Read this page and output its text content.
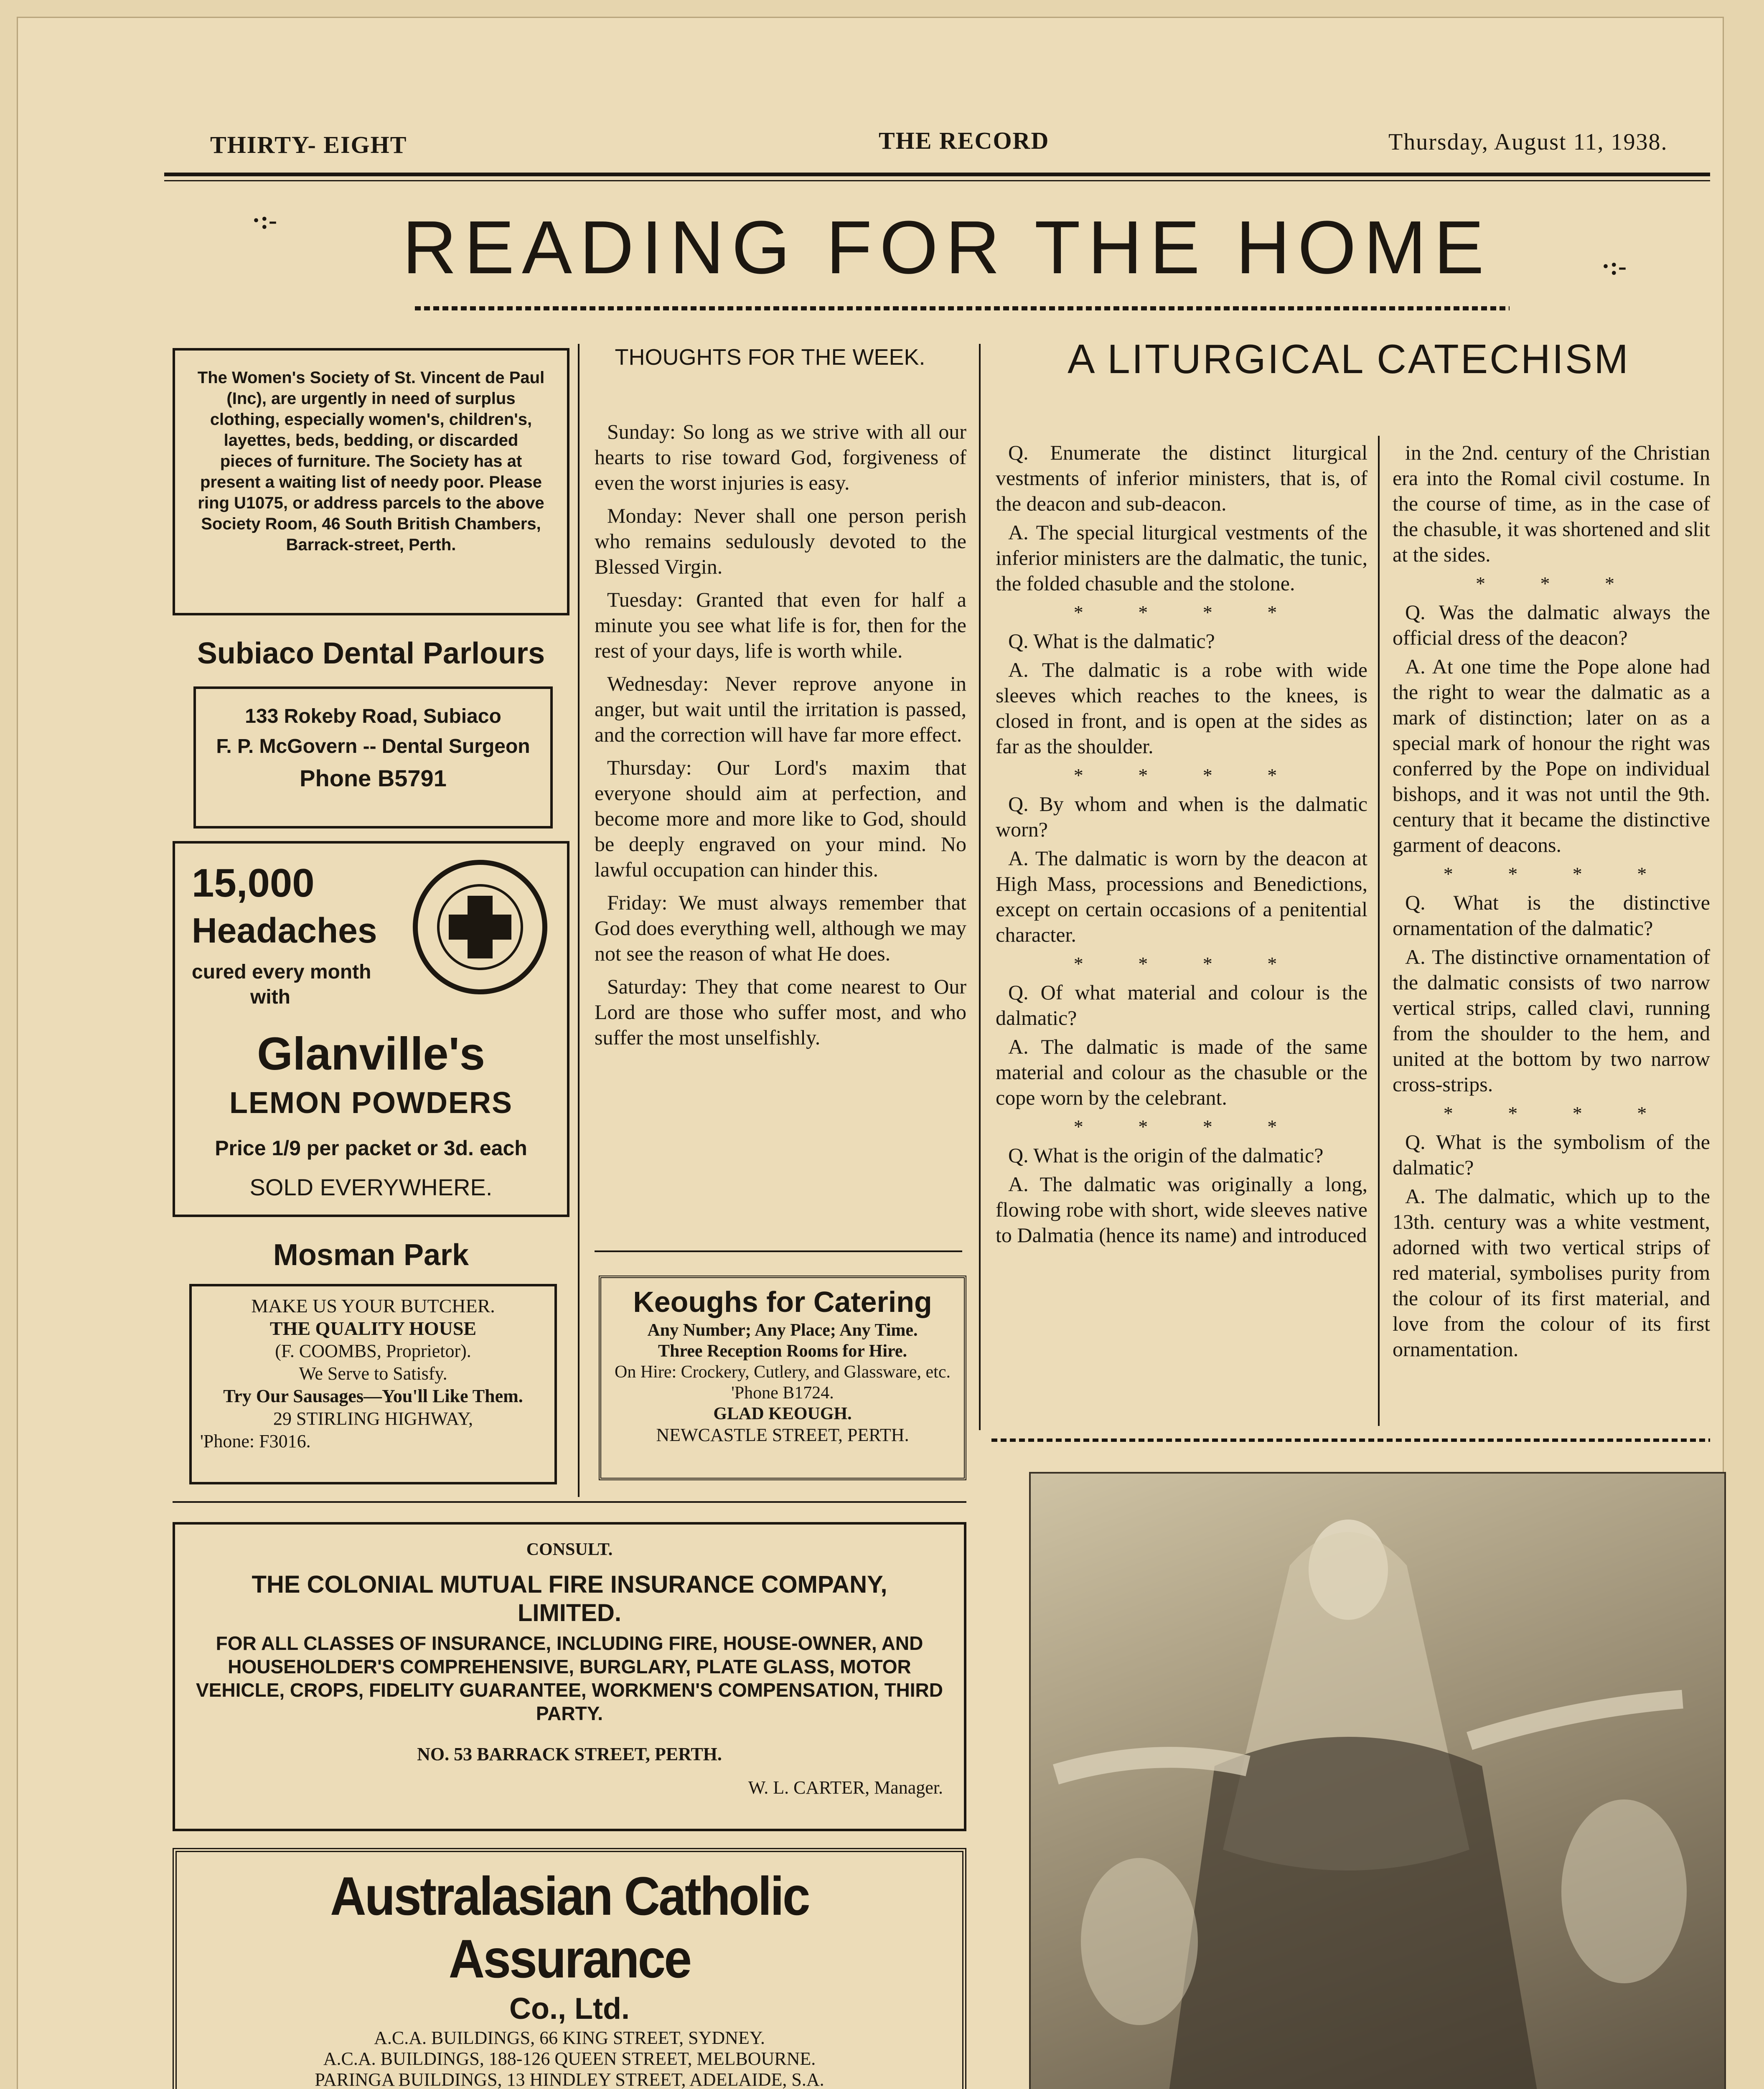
THIRTY- EIGHT	THE RECORD	Thursday, August 11, 1938.
·:- READING FOR THE HOME	·:-

The Women's Society of St. Vincent de Paul (Inc), are urgently in need of surplus clothing, especially women's, children's, layettes, beds, bedding, or discarded pieces of furniture. The Society has at present a waiting list of needy poor. Please ring U1075, or address parcels to the above Society Room, 46 South British Chambers, Barrack-street, Perth.

Subiaco Dental Parlours

133 Rokeby Road, Subiaco

F. P. McGovern -- Dental Surgeon

Phone B5791

15,000
Headaches
cured every month
with
Glanville's
LEMON POWDERS
Price 1/9 per packet or 3d. each
SOLD EVERYWHERE.
Mosman Park

MAKE US YOUR BUTCHER.

THE QUALITY HOUSE

(F. COOMBS, Proprietor).

We Serve to Satisfy.

Try Our Sausages—You'll Like Them.

29 STIRLING HIGHWAY,

'Phone: F3016.

THOUGHTS FOR THE WEEK.

Sunday: So long as we strive with all our hearts to rise toward God, forgiveness of even the worst injuries is easy.

Monday: Never shall one person perish who remains sedulously devoted to the Blessed Virgin.

Tuesday: Granted that even for half a minute you see what life is for, then for the rest of your days, life is worth while.

Wednesday: Never reprove anyone in anger, but wait until the irritation is passed, and the correction will have far more effect.

Thursday: Our Lord's maxim that everyone should aim at perfection, and become more and more like to God, should be deeply engraved on your mind. No lawful occupation can hinder this.

Friday: We must always remember that God does everything well, although we may not see the reason of what He does.

Saturday: They that come nearest to Our Lord are those who suffer most, and who suffer the most unselfishly.

Keoughs for Catering

Any Number; Any Place; Any Time.

Three Reception Rooms for Hire.

On Hire: Crockery, Cutlery, and Glassware, etc. 'Phone B1724.

GLAD KEOUGH.

NEWCASTLE STREET, PERTH.

A LITURGICAL CATECHISM

Q. Enumerate the distinct liturgical vestments of inferior ministers, that is, of the deacon and sub-deacon.

A. The special liturgical vestments of the inferior ministers are the dalmatic, the tunic, the folded chasuble and the stolone.

* * * *

Q. What is the dalmatic?

A. The dalmatic is a robe with wide sleeves which reaches to the knees, is closed in front, and is open at the sides as far as the shoulder.

* * * *

Q. By whom and when is the dalmatic worn?

A. The dalmatic is worn by the deacon at High Mass, processions and Benedictions, except on certain occasions of a penitential character.

* * * *

Q. Of what material and colour is the dalmatic?

A. The dalmatic is made of the same material and colour as the chasuble or the cope worn by the celebrant.

* * * *

Q. What is the origin of the dalmatic?

A. The dalmatic was originally a long, flowing robe with short, wide sleeves native to Dalmatia (hence its name) and introduced

in the 2nd. century of the Christian era into the Romal civil costume. In the course of time, as in the case of the chasuble, it was shortened and slit at the sides.

* * *

Q. Was the dalmatic always the official dress of the deacon?

A. At one time the Pope alone had the right to wear the dalmatic as a mark of distinction; later on as a special mark of honour the right was conferred by the Pope on individual bishops, and it was not until the 9th. century that it became the distinctive garment of deacons.

* * * *

Q. What is the distinctive ornamentation of the dalmatic?

A. The distinctive ornamentation of the dalmatic consists of two narrow vertical strips, called clavi, running from the shoulder to the hem, and united at the bottom by two narrow cross-strips.

* * * *

Q. What is the symbolism of the dalmatic?

A. The dalmatic, which up to the 13th. century was a white vestment, adorned with two vertical strips of red material, symbolises purity from the colour of its first material, and love from the colour of its first ornamentation.

CONSULT.

THE COLONIAL MUTUAL FIRE INSURANCE COMPANY, LIMITED.

FOR ALL CLASSES OF INSURANCE, INCLUDING FIRE, HOUSE-OWNER, AND HOUSEHOLDER'S COMPREHENSIVE, BURGLARY, PLATE GLASS, MOTOR VEHICLE, CROPS, FIDELITY GUARANTEE, WORKMEN'S COMPENSATION, THIRD PARTY.

NO. 53 BARRACK STREET, PERTH.

W. L. CARTER, Manager.

Australasian Catholic Assurance

Co., Ltd.

A.C.A. BUILDINGS, 66 KING STREET, SYDNEY.

A.C.A. BUILDINGS, 188-126 QUEEN STREET, MELBOURNE.

PARINGA BUILDINGS, 13 HINDLEY STREET, ADELAIDE, S.A.
